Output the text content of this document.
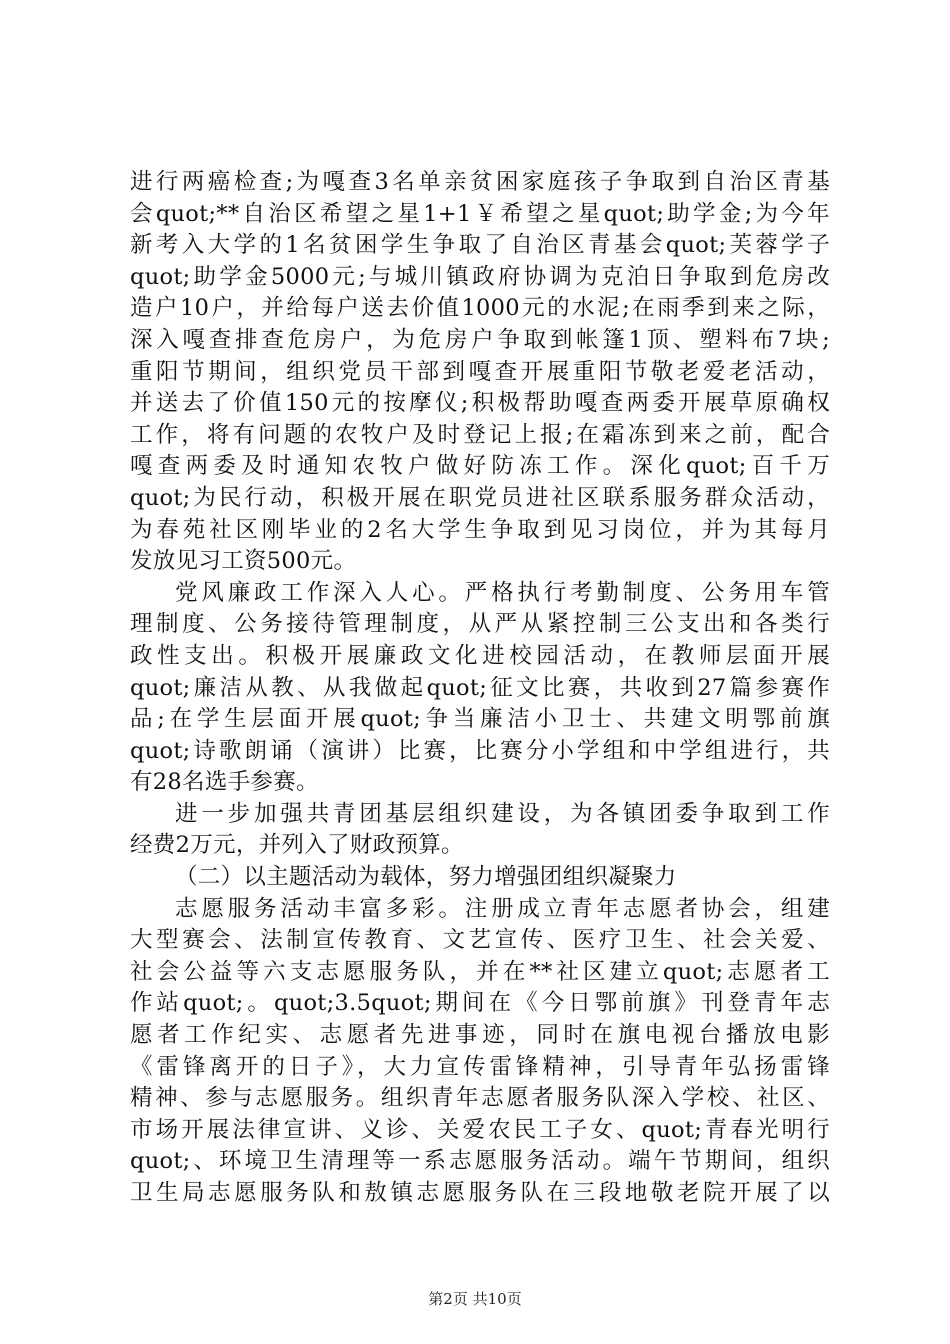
进行两癌检查;为嘎查3名单亲贫困家庭孩子争取到自治区青基
会quot;**自治区希望之星1+1￥希望之星quot;助学金;为今年
新考入大学的1名贫困学生争取了自治区青基会quot;芙蓉学子
quot;助学金5000元;与城川镇政府协调为克泊日争取到危房改
造户10户，并给每户送去价值1000元的水泥;在雨季到来之际，
深入嘎查排查危房户，为危房户争取到帐篷1顶、塑料布7块;
重阳节期间，组织党员干部到嘎查开展重阳节敬老爱老活动，
并送去了价值150元的按摩仪;积极帮助嘎查两委开展草原确权
工作，将有问题的农牧户及时登记上报;在霜冻到来之前，配合
嘎查两委及时通知农牧户做好防冻工作。深化quot;百千万
quot;为民行动，积极开展在职党员进社区联系服务群众活动，
为春苑社区刚毕业的2名大学生争取到见习岗位，并为其每月
发放见习工资500元。
党风廉政工作深入人心。严格执行考勤制度、公务用车管
理制度、公务接待管理制度，从严从紧控制三公支出和各类行
政性支出。积极开展廉政文化进校园活动，在教师层面开展
quot;廉洁从教、从我做起quot;征文比赛，共收到27篇参赛作
品;在学生层面开展quot;争当廉洁小卫士、共建文明鄂前旗
quot;诗歌朗诵（演讲）比赛，比赛分小学组和中学组进行，共
有28名选手参赛。
进一步加强共青团基层组织建设，为各镇团委争取到工作
经费2万元，并列入了财政预算。
（二）以主题活动为载体，努力增强团组织凝聚力
志愿服务活动丰富多彩。注册成立青年志愿者协会，组建
大型赛会、法制宣传教育、文艺宣传、医疗卫生、社会关爱、
社会公益等六支志愿服务队，并在**社区建立quot;志愿者工
作站quot;。quot;3.5quot;期间在《今日鄂前旗》刊登青年志
愿者工作纪实、志愿者先进事迹，同时在旗电视台播放电影
《雷锋离开的日子》，大力宣传雷锋精神，引导青年弘扬雷锋
精神、参与志愿服务。组织青年志愿者服务队深入学校、社区、
市场开展法律宣讲、义诊、关爱农民工子女、quot;青春光明行
quot;、环境卫生清理等一系志愿服务活动。端午节期间，组织
卫生局志愿服务队和敖镇志愿服务队在三段地敬老院开展了以
第2页 共10页
